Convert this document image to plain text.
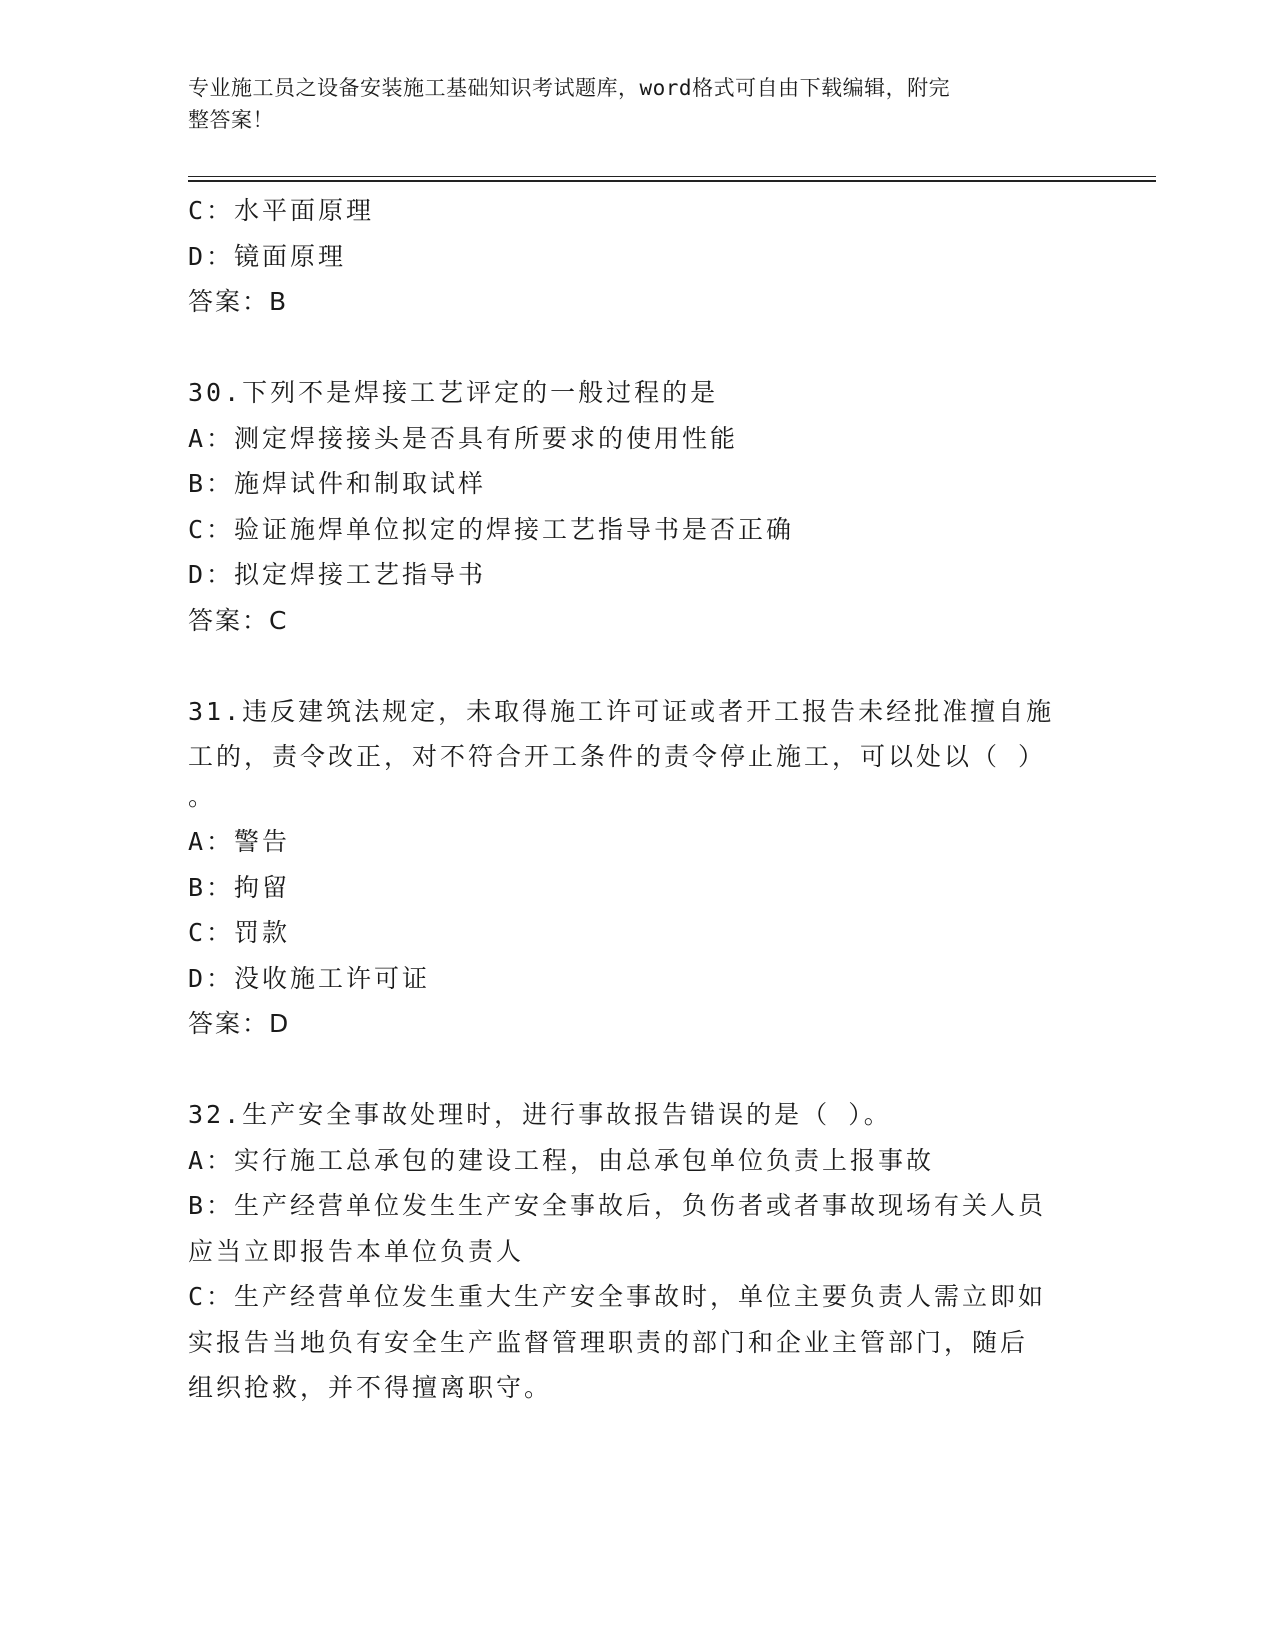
专业施工员之设备安装施工基础知识考试题库，word格式可自由下载编辑，附完
整答案！
C：水平面原理
D：镜面原理
答案：B
30.下列不是焊接工艺评定的一般过程的是
A：测定焊接接头是否具有所要求的使用性能
B：施焊试件和制取试样
C：验证施焊单位拟定的焊接工艺指导书是否正确
D：拟定焊接工艺指导书
答案：C
31.违反建筑法规定，未取得施工许可证或者开工报告未经批准擅自施
工的，责令改正，对不符合开工条件的责令停止施工，可以处以（ ）
。
A：警告
B：拘留
C：罚款
D：没收施工许可证
答案：D
32.生产安全事故处理时，进行事故报告错误的是（ ）。
A：实行施工总承包的建设工程，由总承包单位负责上报事故
B：生产经营单位发生生产安全事故后，负伤者或者事故现场有关人员
应当立即报告本单位负责人
C：生产经营单位发生重大生产安全事故时，单位主要负责人需立即如
实报告当地负有安全生产监督管理职责的部门和企业主管部门，随后
组织抢救，并不得擅离职守。
